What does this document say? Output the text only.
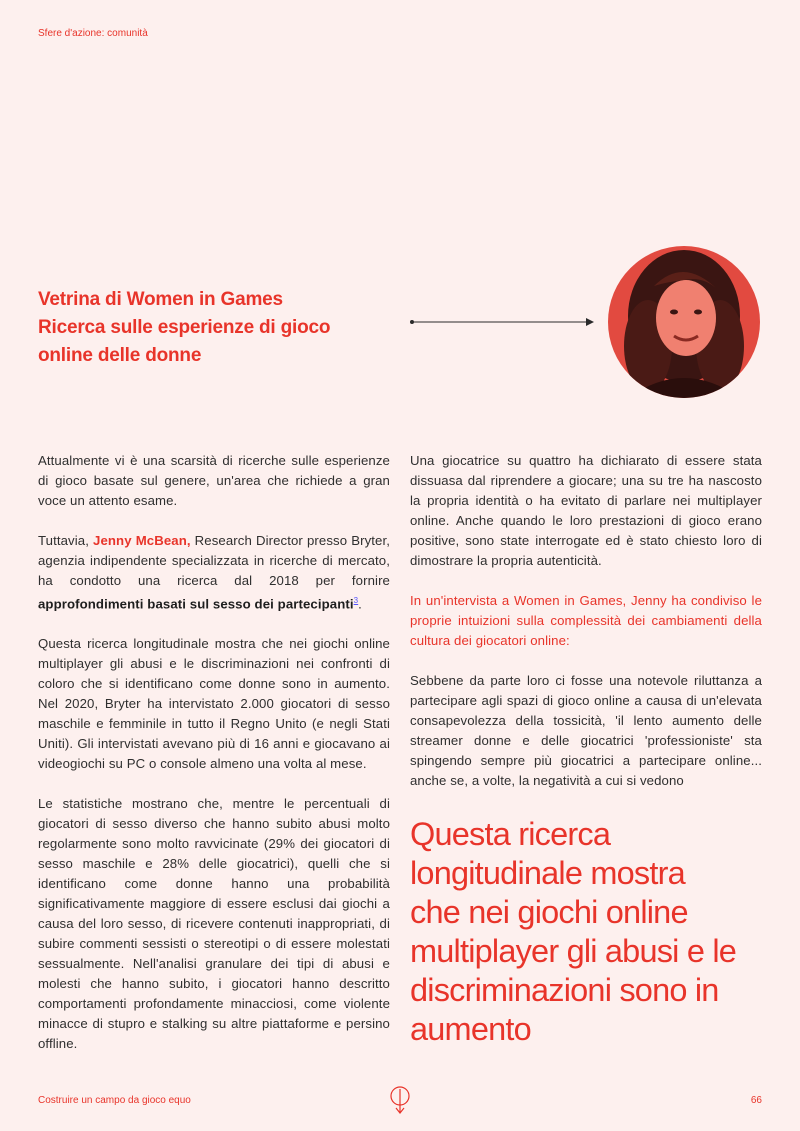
Sfere d'azione: comunità
Vetrina di Women in Games
Ricerca sulle esperienze di gioco
online delle donne

Attualmente vi è una scarsità di ricerche sulle esperienze di gioco basate sul genere, un'area che richiede a gran voce un attento esame.

Tuttavia, Jenny McBean, Research Director presso Bryter, agenzia indipendente specializzata in ricerche di mercato, ha condotto una ricerca dal 2018 per fornire approfondimenti basati sul sesso dei partecipanti$^3$.

Questa ricerca longitudinale mostra che nei giochi online multiplayer gli abusi e le discriminazioni nei confronti di coloro che si identificano come donne sono in aumento. Nel 2020, Bryter ha intervistato 2.000 giocatori di sesso maschile e femminile in tutto il Regno Unito (e negli Stati Uniti). Gli intervistati avevano più di 16 anni e giocavano ai videogiochi su PC o console almeno una volta al mese.

Le statistiche mostrano che, mentre le percentuali di giocatori di sesso diverso che hanno subito abusi molto regolarmente sono molto ravvicinate (29% dei giocatori di sesso maschile e 28% delle giocatrici), quelli che si identificano come donne hanno una probabilità significativamente maggiore di essere esclusi dai giochi a causa del loro sesso, di ricevere contenuti inappropriati, di subire commenti sessisti o stereotipi o di essere molestati sessualmente. Nell'analisi granulare dei tipi di abusi e molesti che hanno subito, i giocatori hanno descritto comportamenti profondamente minacciosi, come violente minacce di stupro e stalking su altre piattaforme e persino offline.

Una giocatrice su quattro ha dichiarato di essere stata dissuasa dal riprendere a giocare; una su tre ha nascosto la propria identità o ha evitato di parlare nei multiplayer online. Anche quando le loro prestazioni di gioco erano positive, sono state interrogate ed è stato chiesto loro di dimostrare la propria autenticità.

In un'intervista a Women in Games, Jenny ha condiviso le proprie intuizioni sulla complessità dei cambiamenti della cultura dei giocatori online:

Sebbene da parte loro ci fosse una notevole riluttanza a partecipare agli spazi di gioco online a causa di un'elevata consapevolezza della tossicità, 'il lento aumento delle streamer donne e delle giocatrici 'professioniste' sta spingendo sempre più giocatrici a partecipare online... anche se, a volte, la negatività a cui si vedono

Questa ricerca
longitudinale mostra
che nei giochi online
multiplayer gli abusi e le
discriminazioni sono in
aumento
Costruire un campo da gioco equo	66
